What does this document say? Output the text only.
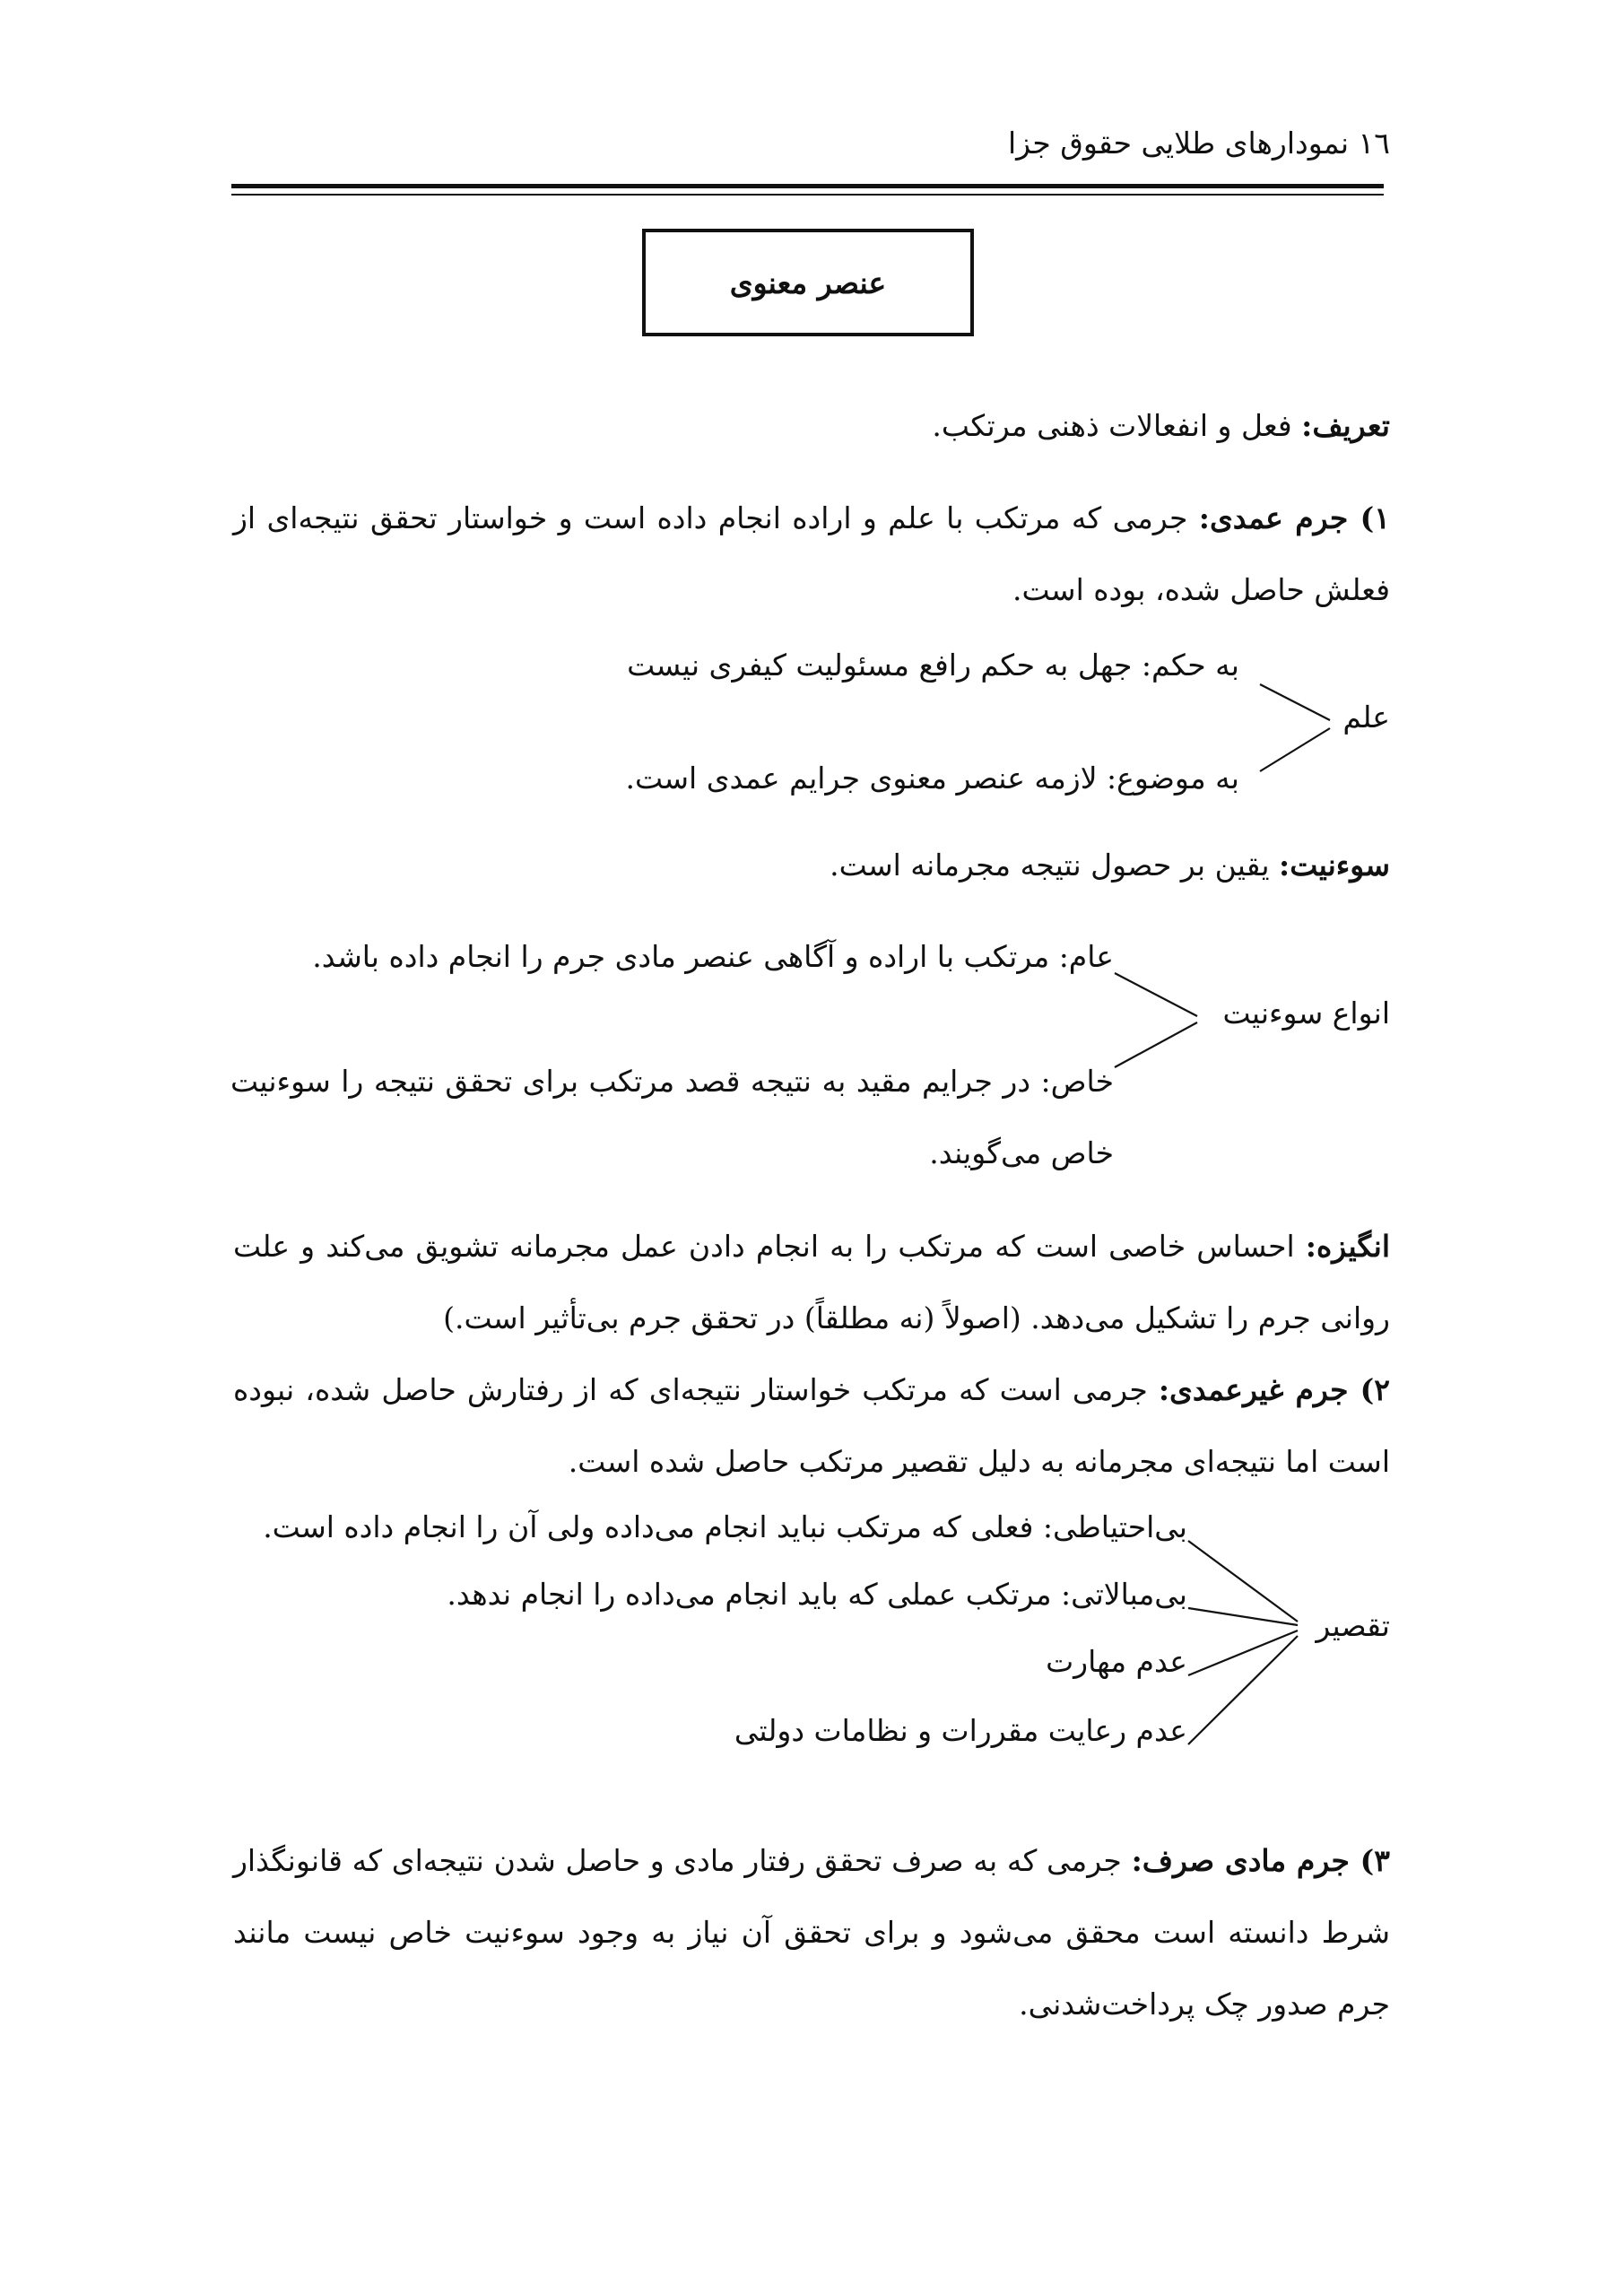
١٦ نمودارهای طلایی حقوق جزا
عنصر معنوی
تعریف: فعل و انفعالات ذهنی مرتکب.
١) جرم عمدی: جرمی که مرتکب با علم و اراده انجام داده است و خواستار تحقق نتیجه‌ای از فعلش حاصل شده، بوده است.
علم
به حکم: جهل به حکم رافع مسئولیت کیفری نیست
به موضوع: لازمه عنصر معنوی جرایم عمدی است.
سوءنیت: یقین بر حصول نتیجه مجرمانه است.
انواع سوءنیت
عام: مرتکب با اراده و آگاهی عنصر مادی جرم را انجام داده باشد.
خاص: در جرایم مقید به نتیجه قصد مرتکب برای تحقق نتیجه را سوءنیت خاص می‌گویند.
انگیزه: احساس خاصی است که مرتکب را به انجام دادن عمل مجرمانه تشویق می‌کند و علت روانی جرم را تشکیل می‌دهد. (اصولاً (نه مطلقاً) در تحقق جرم بی‌تأثیر است.)
٢) جرم غیرعمدی: جرمی است که مرتکب خواستار نتیجه‌ای که از رفتارش حاصل شده، نبوده است اما نتیجه‌ای مجرمانه به دلیل تقصیر مرتکب حاصل شده است.
تقصیر
بی‌احتیاطی: فعلی که مرتکب نباید انجام می‌داده ولی آن را انجام داده است.
بی‌مبالاتی: مرتکب عملی که باید انجام می‌داده را انجام ندهد.
عدم مهارت
عدم رعایت مقررات و نظامات دولتی
٣) جرم مادی صرف: جرمی که به صرف تحقق رفتار مادی و حاصل شدن نتیجه‌ای که قانونگذار شرط دانسته است محقق می‌شود و برای تحقق آن نیاز به وجود سوءنیت خاص نیست مانند جرم صدور چک پرداخت‌شدنی.
